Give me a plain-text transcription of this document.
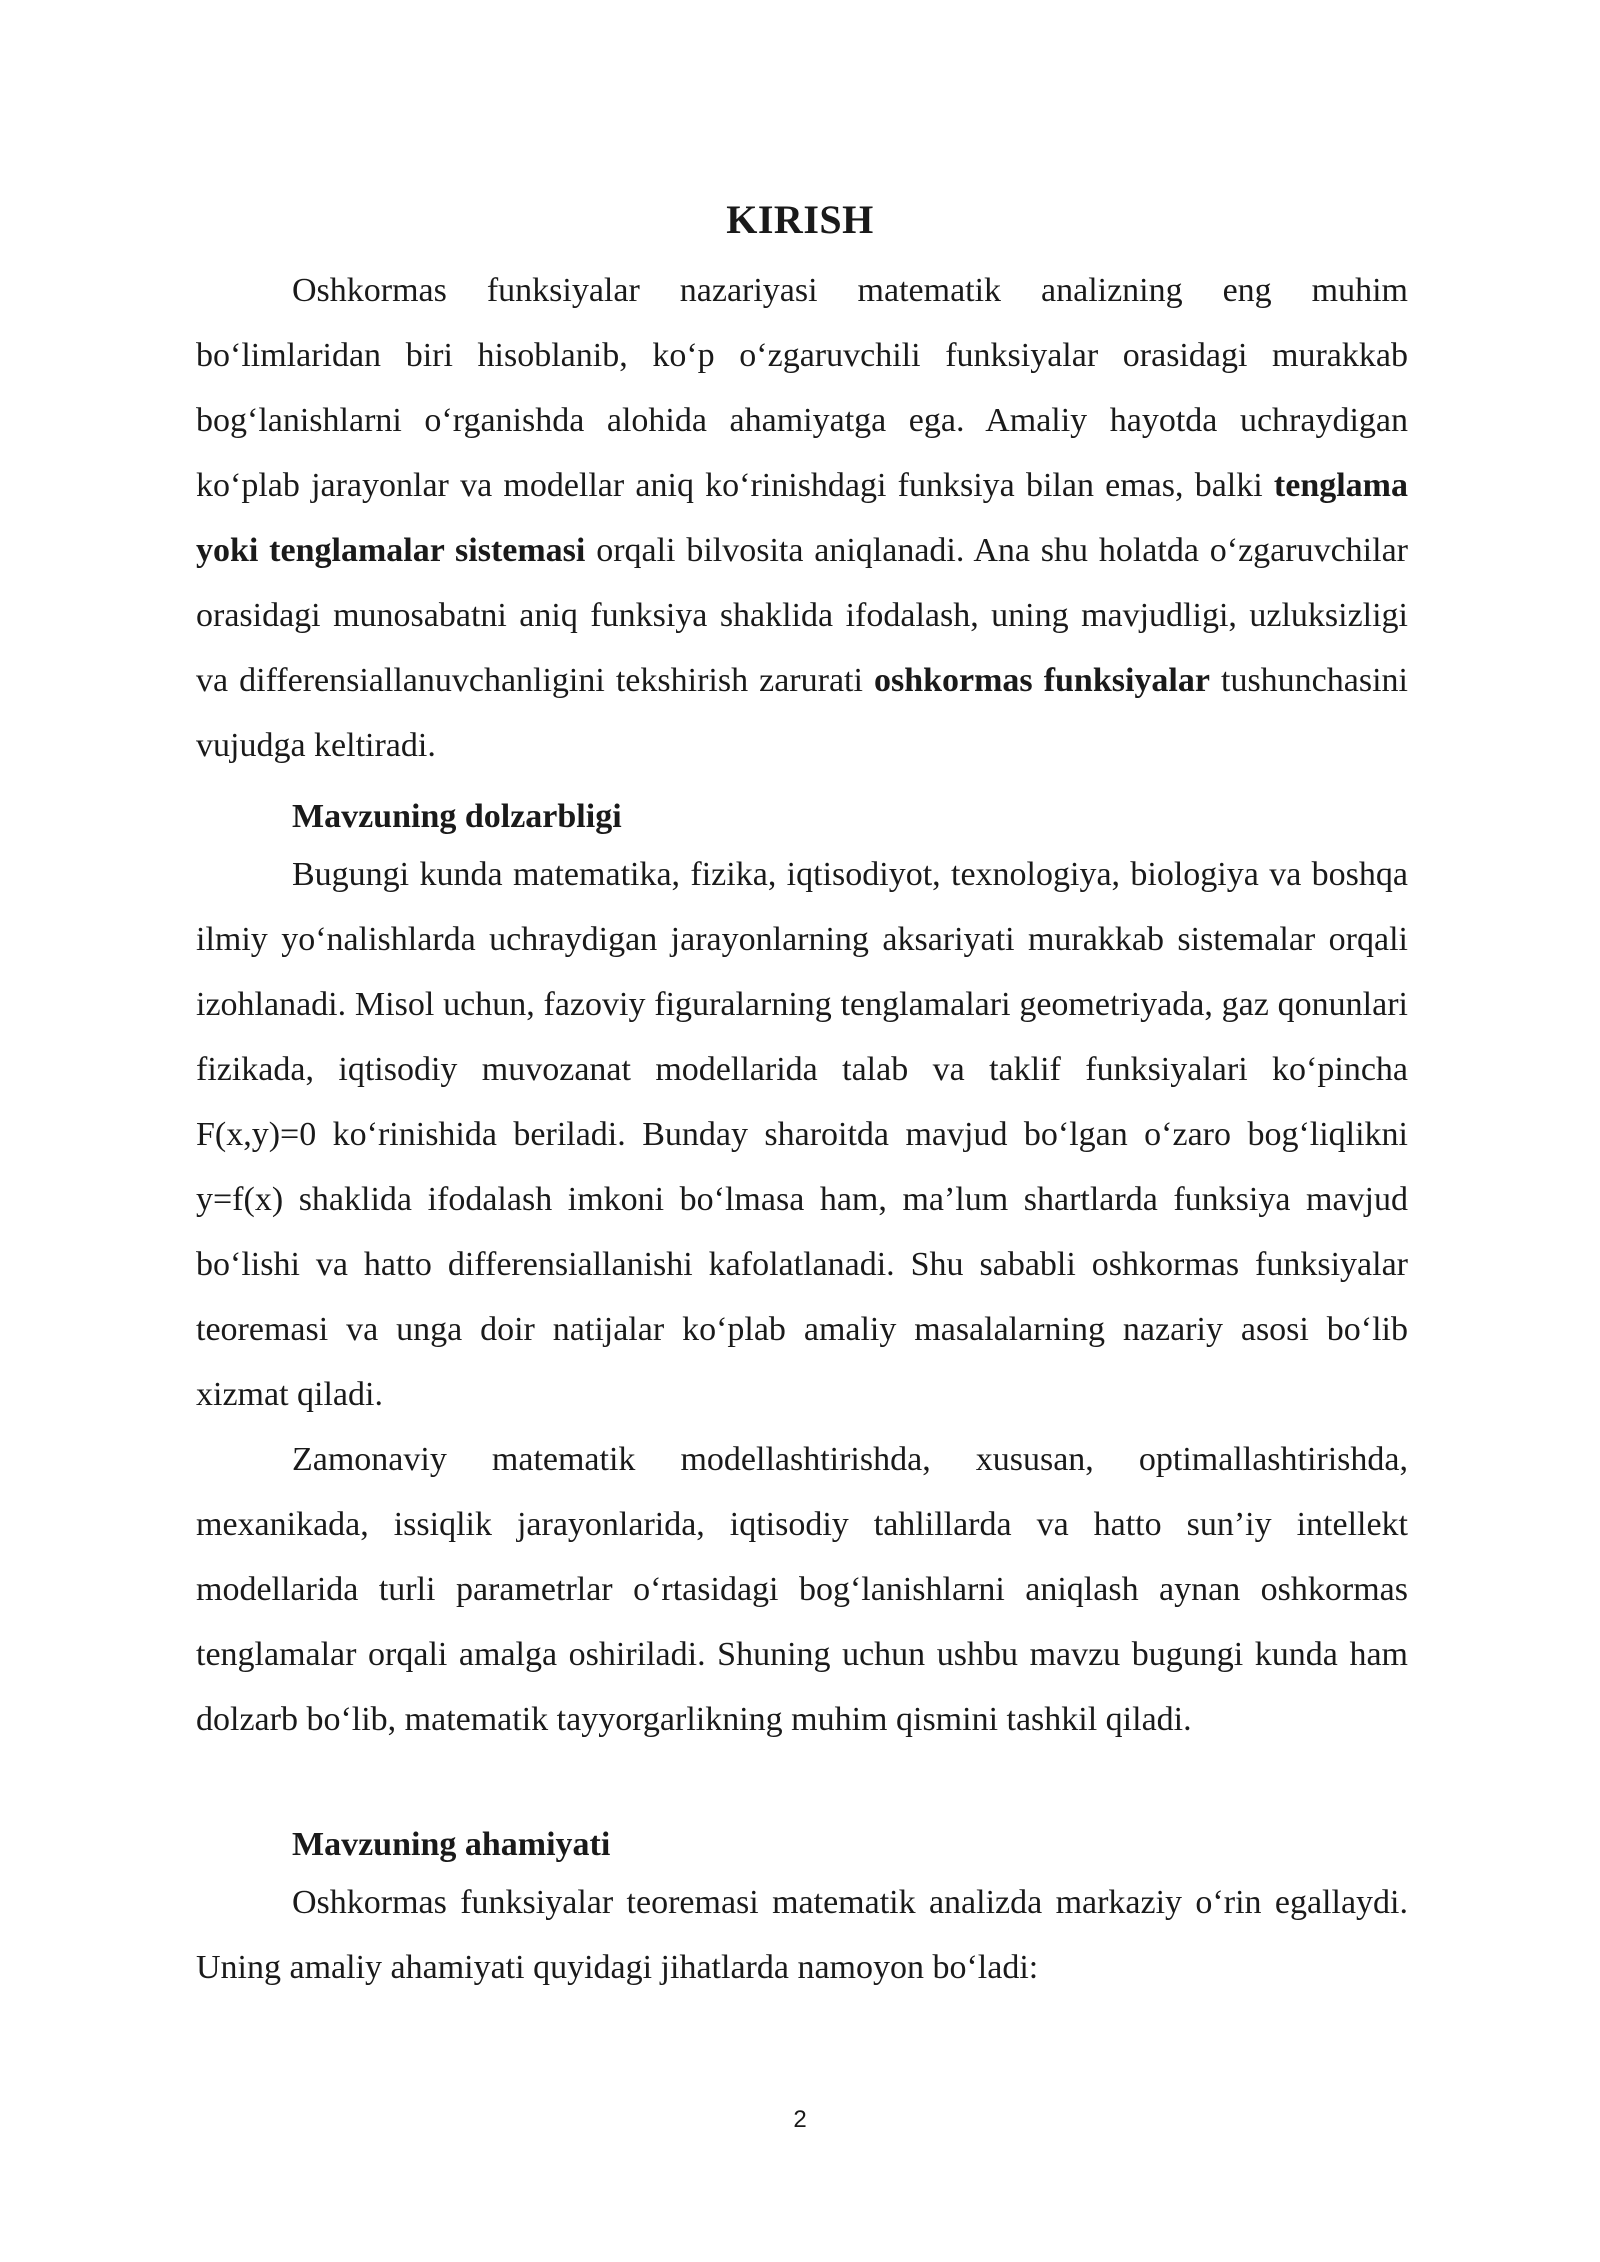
KIRISH

Oshkormas funksiyalar nazariyasi matematik analizning eng muhim bo‘limlaridan biri hisoblanib, ko‘p o‘zgaruvchili funksiyalar orasidagi murakkab bog‘lanishlarni o‘rganishda alohida ahamiyatga ega. Amaliy hayotda uchraydigan ko‘plab jarayonlar va modellar aniq ko‘rinishdagi funksiya bilan emas, balki tenglama yoki tenglamalar sistemasi orqali bilvosita aniqlanadi. Ana shu holatda o‘zgaruvchilar orasidagi munosabatni aniq funksiya shaklida ifodalash, uning mavjudligi, uzluksizligi va differensiallanuvchanligini tekshirish zarurati oshkormas funksiyalar tushunchasini vujudga keltiradi.

Mavzuning dolzarbligi

Bugungi kunda matematika, fizika, iqtisodiyot, texnologiya, biologiya va boshqa ilmiy yo‘nalishlarda uchraydigan jarayonlarning aksariyati murakkab sistemalar orqali izohlanadi. Misol uchun, fazoviy figuralarning tenglamalari geometriyada, gaz qonunlari fizikada, iqtisodiy muvozanat modellarida talab va taklif funksiyalari ko‘pincha F(x,y)=0 ko‘rinishida beriladi. Bunday sharoitda mavjud bo‘lgan o‘zaro bog‘liqlikni y=f(x) shaklida ifodalash imkoni bo‘lmasa ham, ma’lum shartlarda funksiya mavjud bo‘lishi va hatto differensiallanishi kafolatlanadi. Shu sababli oshkormas funksiyalar teoremasi va unga doir natijalar ko‘plab amaliy masalalarning nazariy asosi bo‘lib xizmat qiladi.

Zamonaviy matematik modellashtirishda, xususan, optimallashtirishda, mexanikada, issiqlik jarayonlarida, iqtisodiy tahlillarda va hatto sun’iy intellekt modellarida turli parametrlar o‘rtasidagi bog‘lanishlarni aniqlash aynan oshkormas tenglamalar orqali amalga oshiriladi. Shuning uchun ushbu mavzu bugungi kunda ham dolzarb bo‘lib, matematik tayyorgarlikning muhim qismini tashkil qiladi.

Mavzuning ahamiyati

Oshkormas funksiyalar teoremasi matematik analizda markaziy o‘rin egallaydi. Uning amaliy ahamiyati quyidagi jihatlarda namoyon bo‘ladi:

2
